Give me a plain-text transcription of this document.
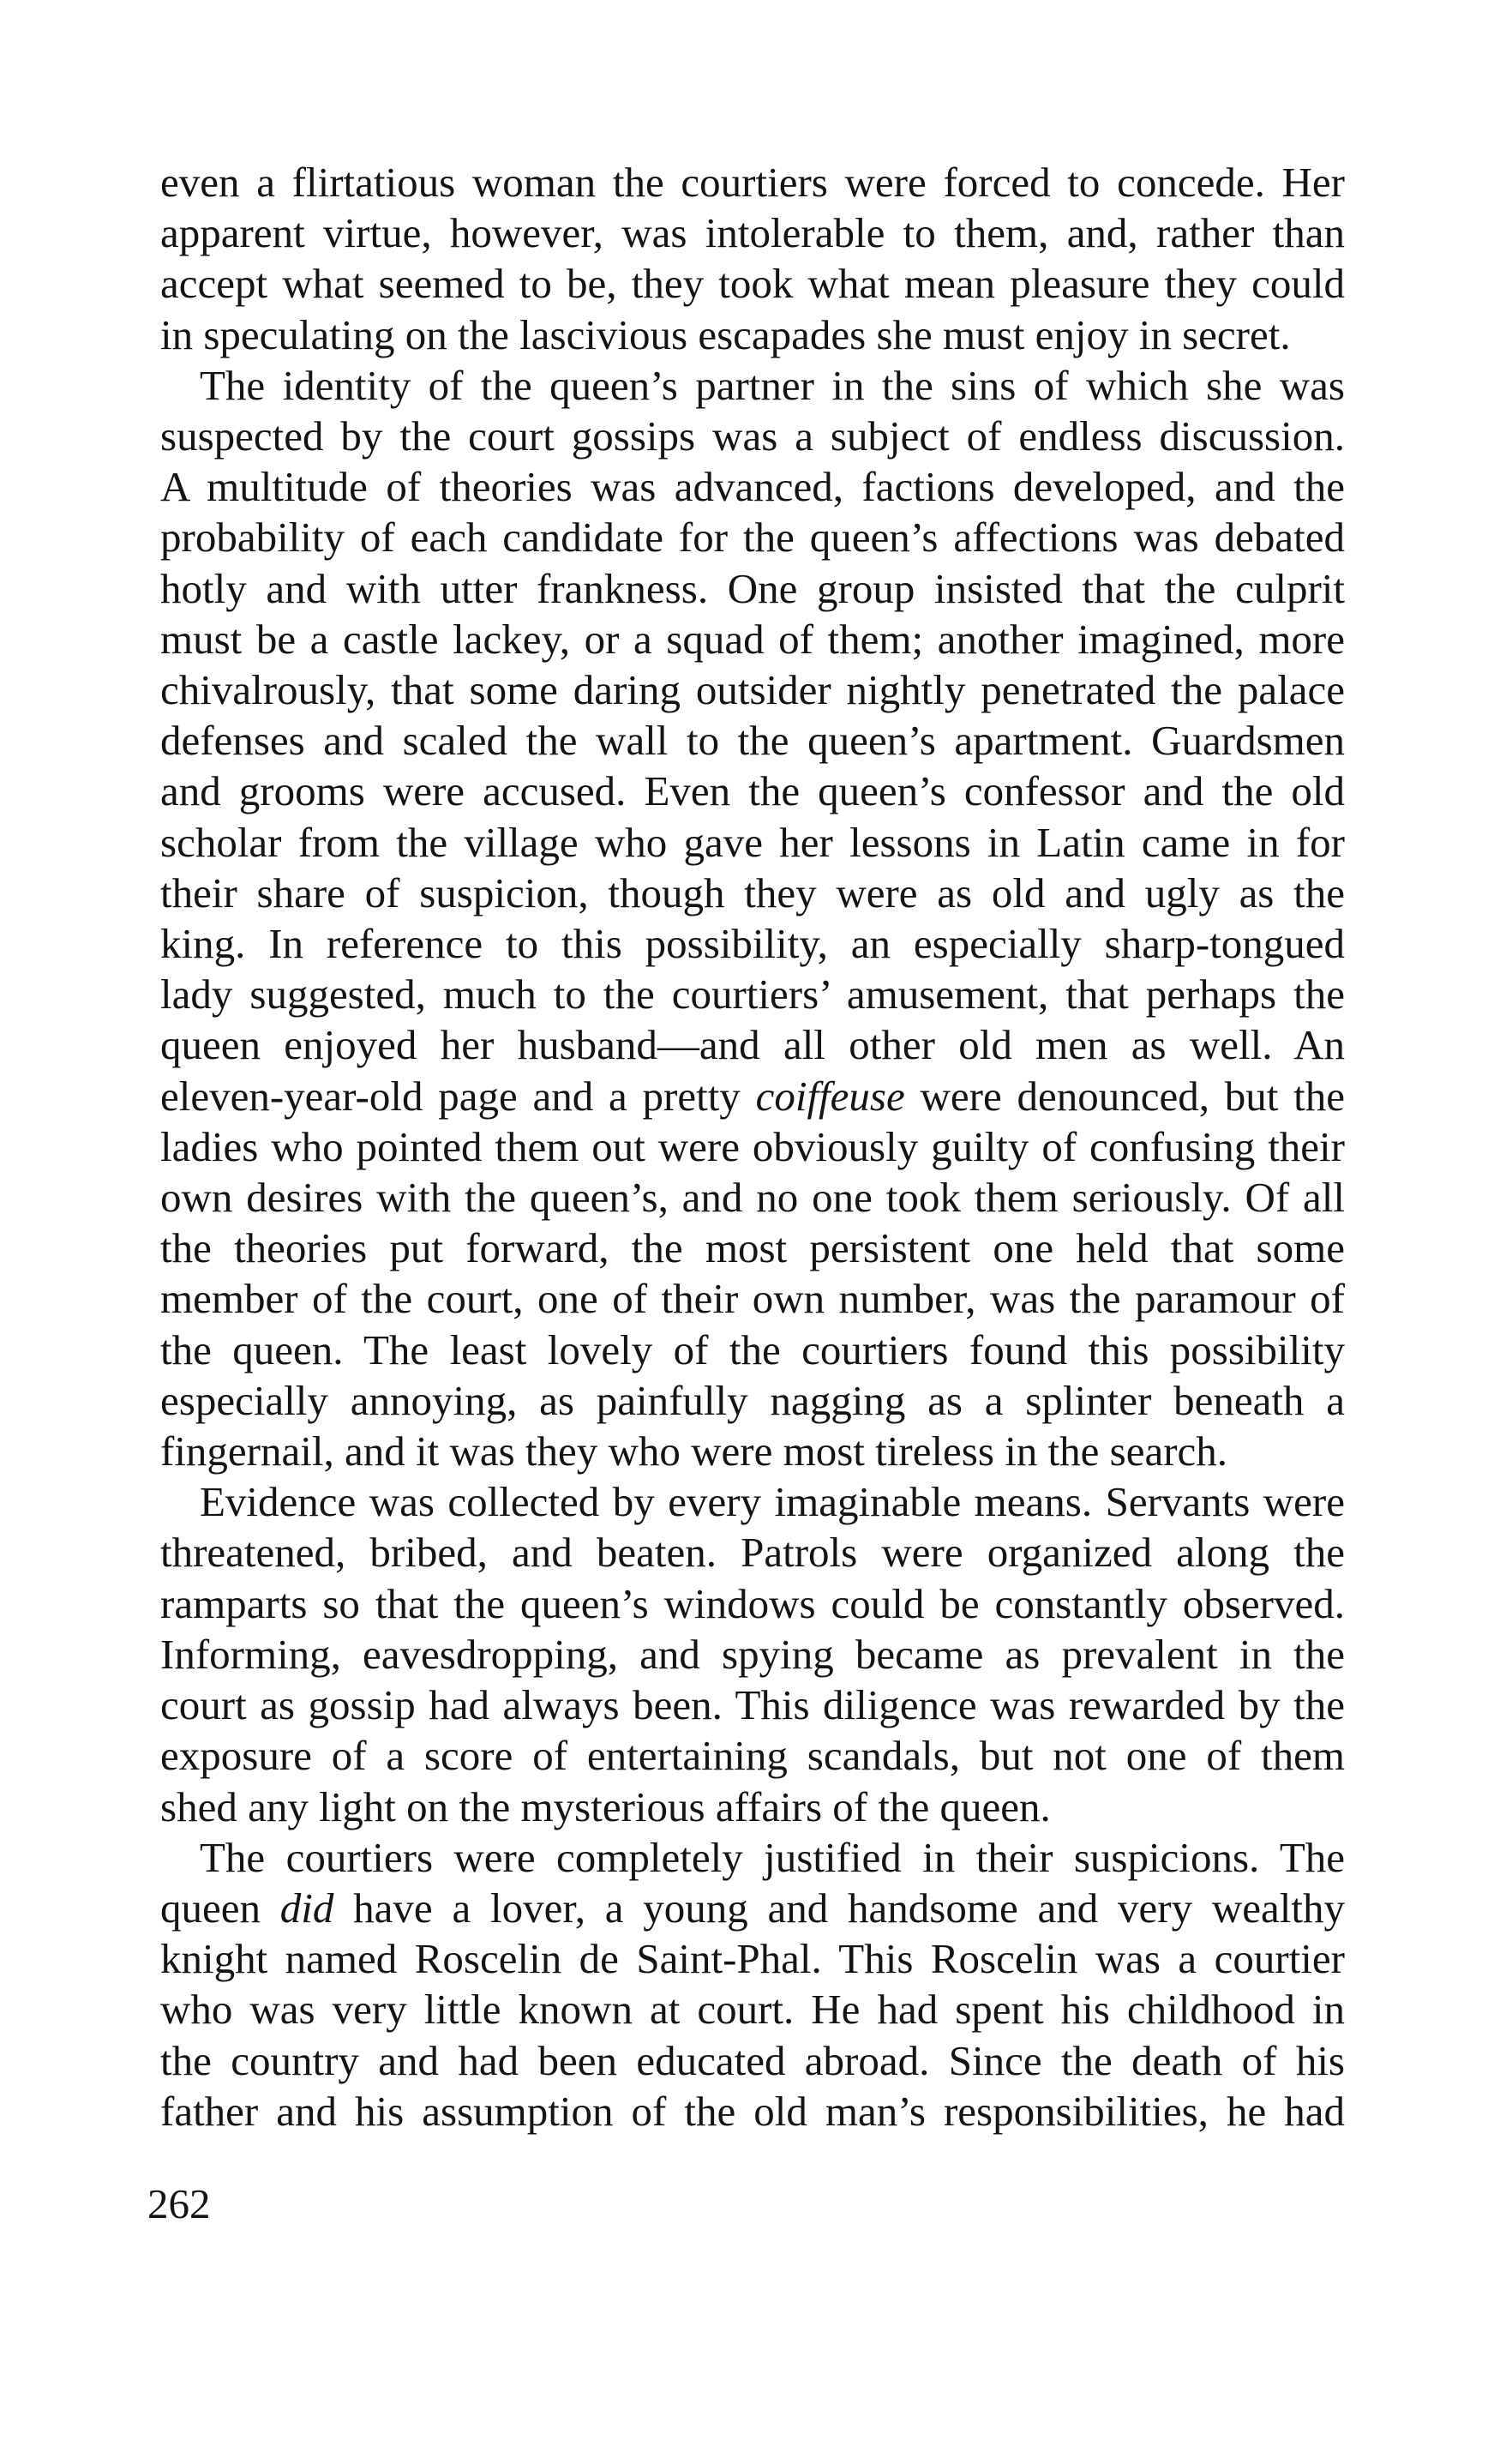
even a flirtatious woman the courtiers were forced to concede. Her
apparent virtue, however, was intolerable to them, and, rather than
accept what seemed to be, they took what mean pleasure they could
in speculating on the lascivious escapades she must enjoy in secret.
The identity of the queen’s partner in the sins of which she was
suspected by the court gossips was a subject of endless discussion.
A multitude of theories was advanced, factions developed, and the
probability of each candidate for the queen’s affections was debated
hotly and with utter frankness. One group insisted that the culprit
must be a castle lackey, or a squad of them; another imagined, more
chivalrously, that some daring outsider nightly penetrated the palace
defenses and scaled the wall to the queen’s apartment. Guardsmen
and grooms were accused. Even the queen’s confessor and the old
scholar from the village who gave her lessons in Latin came in for
their share of suspicion, though they were as old and ugly as the
king. In reference to this possibility, an especially sharp-tongued
lady suggested, much to the courtiers’ amusement, that perhaps the
queen enjoyed her husband—and all other old men as well. An
eleven-year-old page and a pretty coiffeuse were denounced, but the
ladies who pointed them out were obviously guilty of confusing their
own desires with the queen’s, and no one took them seriously. Of all
the theories put forward, the most persistent one held that some
member of the court, one of their own number, was the paramour of
the queen. The least lovely of the courtiers found this possibility
especially annoying, as painfully nagging as a splinter beneath a
fingernail, and it was they who were most tireless in the search.
Evidence was collected by every imaginable means. Servants were
threatened, bribed, and beaten. Patrols were organized along the
ramparts so that the queen’s windows could be constantly observed.
Informing, eavesdropping, and spying became as prevalent in the
court as gossip had always been. This diligence was rewarded by the
exposure of a score of entertaining scandals, but not one of them
shed any light on the mysterious affairs of the queen.
The courtiers were completely justified in their suspicions. The
queen did have a lover, a young and handsome and very wealthy
knight named Roscelin de Saint-Phal. This Roscelin was a courtier
who was very little known at court. He had spent his childhood in
the country and had been educated abroad. Since the death of his
father and his assumption of the old man’s responsibilities, he had
262
